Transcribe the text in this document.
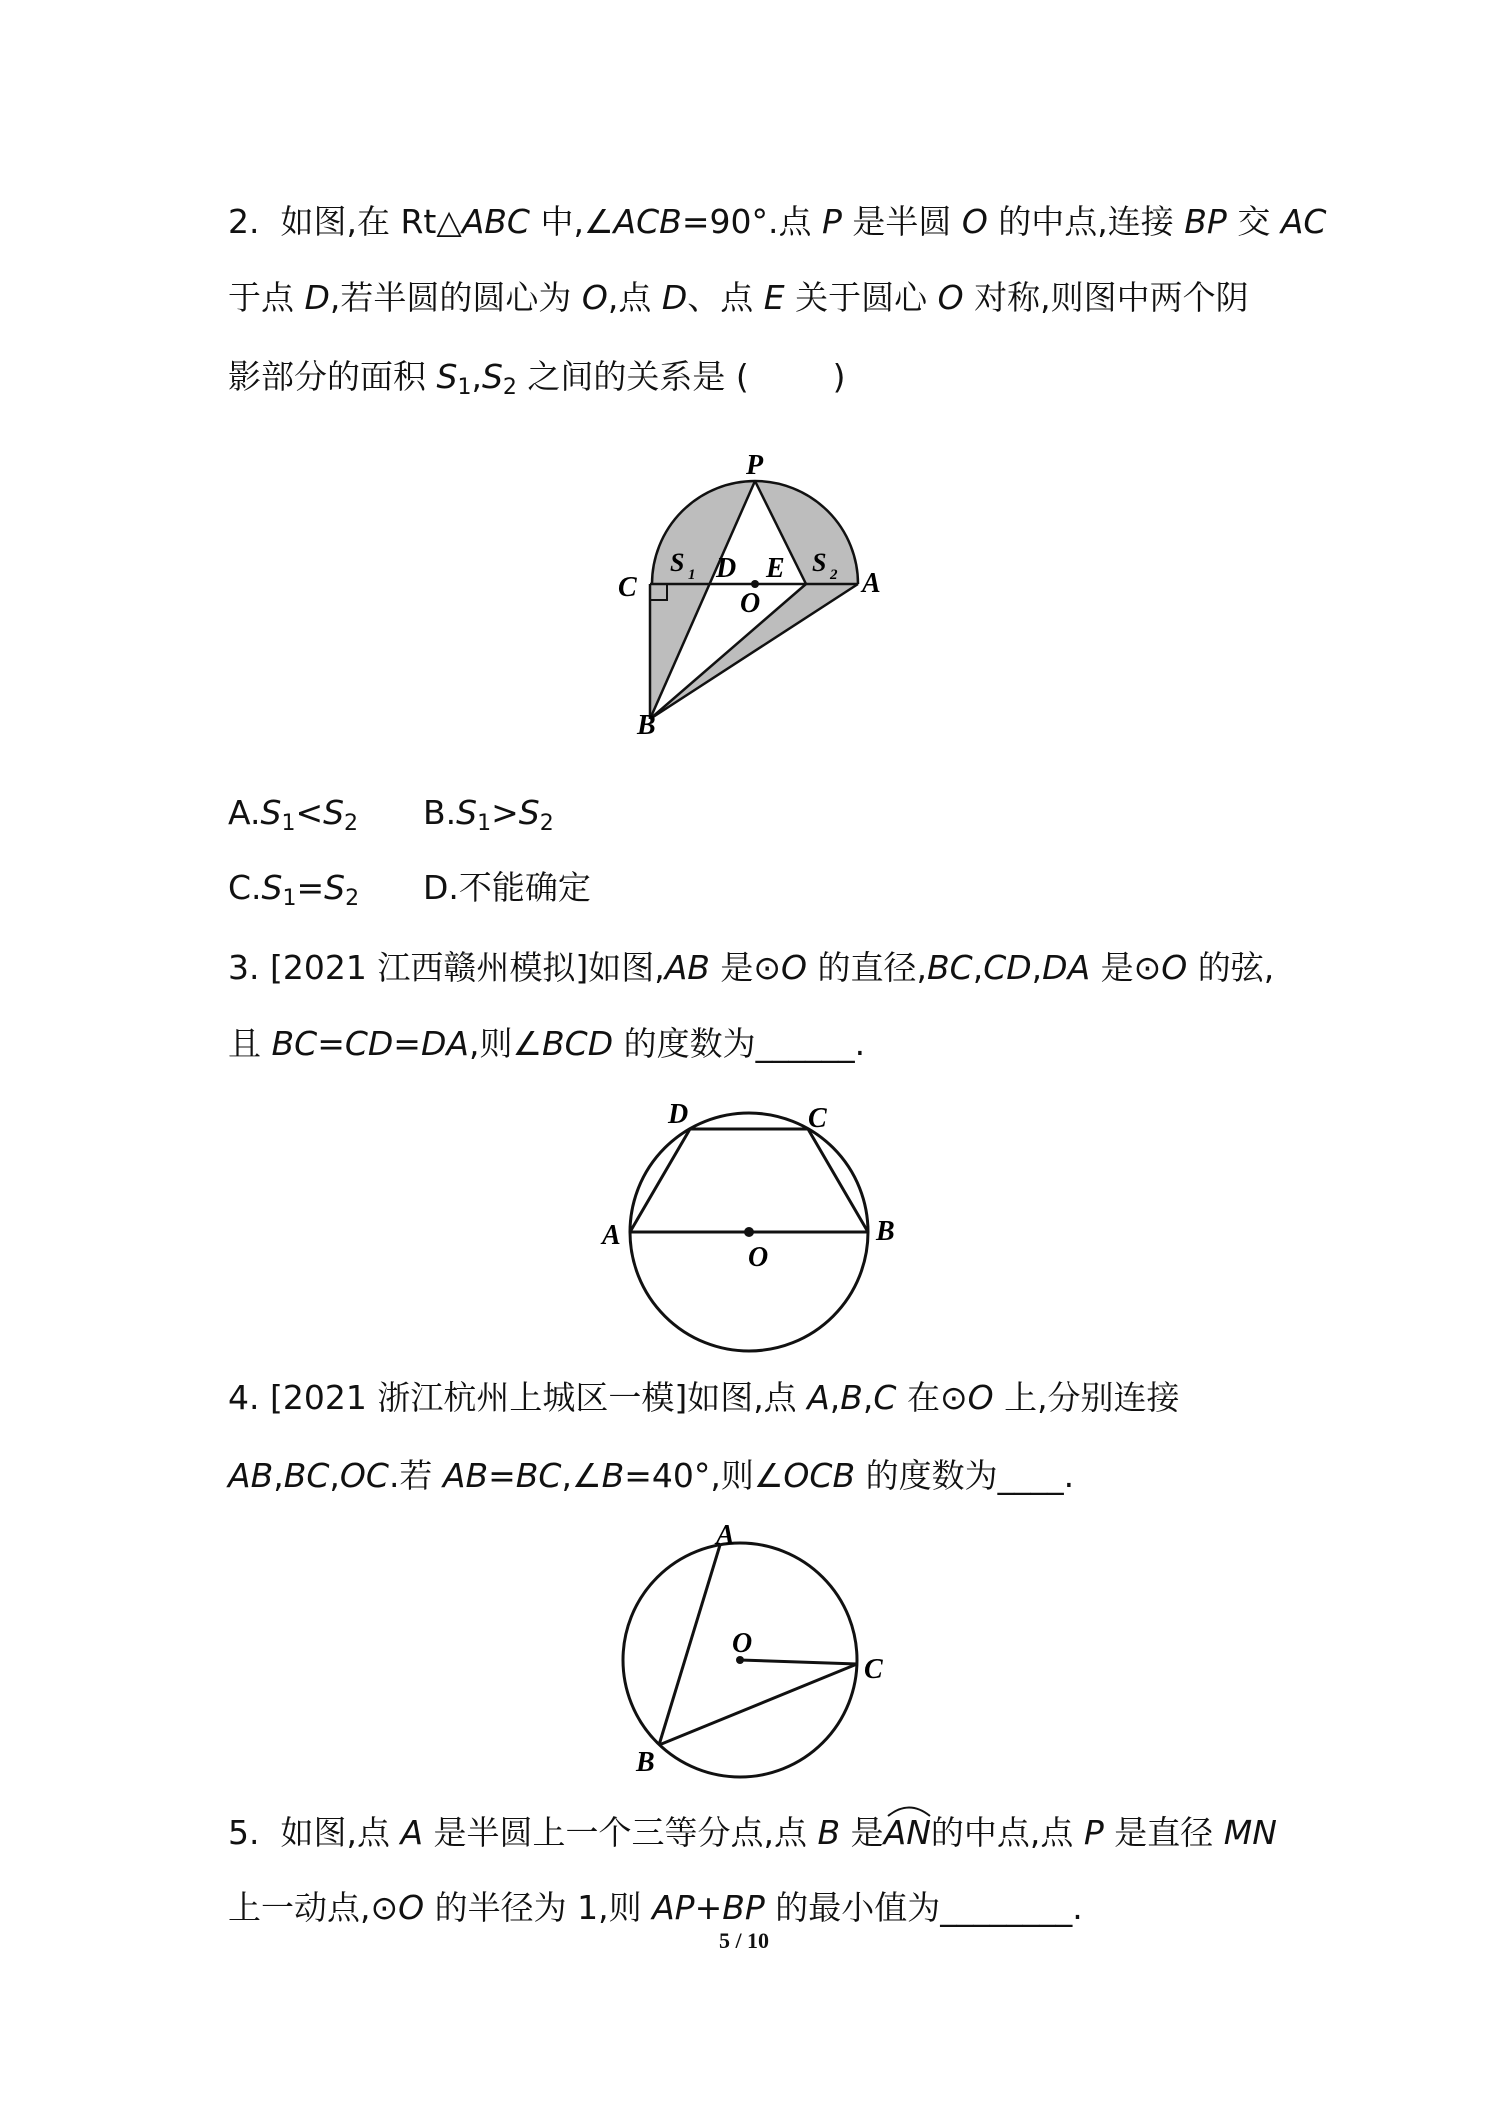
2.  如图,在 Rt△ABC 中,∠ACB=90°.点 P 是半圆 O 的中点,连接 BP 交 AC
于点 D,若半圆的圆心为 O,点 D、点 E 关于圆心 O 对称,则图中两个阴
影部分的面积 $S_1,S_2$ 之间的关系是 (        )
P
C	A
B
D E
O
S 1	S 2
$A.S_1<S_2$ $B.S_1>S_2$
$C.S_1=S_2$ D.不能确定
3. [2021 江西赣州模拟]如图,AB 是⊙O 的直径,BC,CD,DA 是⊙O 的弦,
且 BC=CD=DA,则∠BCD 的度数为______.
D	C
A	B
O
4. [2021 浙江杭州上城区一模]如图,点 A,B,C 在⊙O 上,分别连接
AB,BC,OC.若 AB=BC,∠B=40°,则∠OCB 的度数为____.
A
O
C
B
5.  如图,点 A 是半圆上一个三等分点,点 B 是
AN的中点,点 P 是直径 MN
上一动点,⊙O 的半径为 1,则 AP+BP 的最小值为________.
5 / 10
